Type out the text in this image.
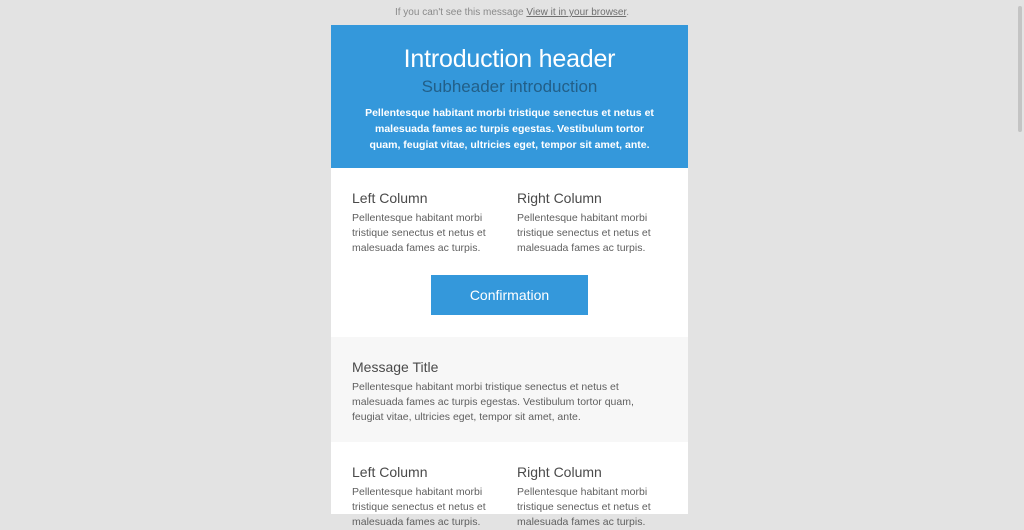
If you can't see this message View it in your browser.
Introduction header
Subheader introduction

Pellentesque habitant morbi tristique senectus et netus et malesuada fames ac turpis egestas. Vestibulum tortor quam, feugiat vitae, ultricies eget, tempor sit amet, ante.

Left Column

Pellentesque habitant morbi tristique senectus et netus et malesuada fames ac turpis.

Right Column

Pellentesque habitant morbi tristique senectus et netus et malesuada fames ac turpis.

Confirmation
Message Title

Pellentesque habitant morbi tristique senectus et netus et malesuada fames ac turpis egestas. Vestibulum tortor quam, feugiat vitae, ultricies eget, tempor sit amet, ante.

Left Column

Pellentesque habitant morbi tristique senectus et netus et malesuada fames ac turpis.

Right Column

Pellentesque habitant morbi tristique senectus et netus et malesuada fames ac turpis.
